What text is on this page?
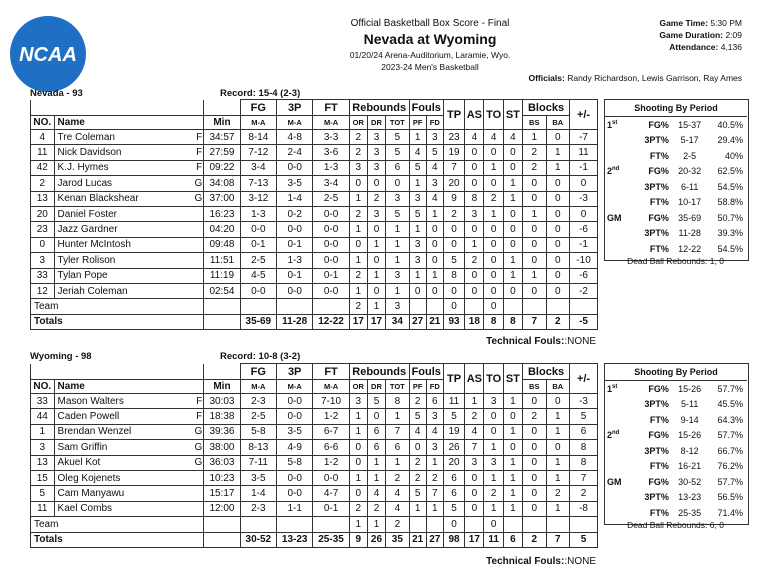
NCAA
Official Basketball Box Score - Final
Nevada at Wyoming
01/20/24 Arena-Auditorium, Laramie, Wyo.
2023-24 Men's Basketball
Game Time: 5:30 PM
Game Duration: 2:09
Attendance: 4,136
Officials: Randy Richardson, Lewis Garrison, Ray Ames
Nevada - 93	Record: 15-4 (2-3)
				FG	3P	FT	Rebounds			Fouls		TP	AS	TO	ST	Blocks		+/-
NO.	Name		Min	M-A	M-A	M-A	OR	DR	TOT	PF	FD					BS	BA	
4	Tre Coleman	F	34:57	8-14	4-8	3-3	2	3	5	1	3	23	4	4	4	1	0	-7
11	Nick Davidson	F	27:59	7-12	2-4	3-6	2	3	5	4	5	19	0	0	0	2	1	11
42	K.J. Hymes	F	09:22	3-4	0-0	1-3	3	3	6	5	4	7	0	1	0	2	1	-1
2	Jarod Lucas	G	34:08	7-13	3-5	3-4	0	0	0	1	3	20	0	0	1	0	0	0
13	Kenan Blackshear	G	37:00	3-12	1-4	2-5	1	2	3	3	4	9	8	2	1	0	0	-3
20	Daniel Foster		16:23	1-3	0-2	0-0	2	3	5	5	1	2	3	1	0	1	0	0
23	Jazz Gardner		04:20	0-0	0-0	0-0	1	0	1	1	0	0	0	0	0	0	0	-6
0	Hunter McIntosh		09:48	0-1	0-1	0-0	0	1	1	3	0	0	1	0	0	0	0	-1
3	Tyler Rolison		11:51	2-5	1-3	0-0	1	0	1	3	0	5	2	0	1	0	0	-10
33	Tylan Pope		11:19	4-5	0-1	0-1	2	1	3	1	1	8	0	0	1	1	0	-6
12	Jeriah Coleman		02:54	0-0	0-0	0-0	1	0	1	0	0	0	0	0	0	0	0	-2
Team							2	1	3			0		0				
Totals				35-69	11-28	12-22	17	17	34	27	21	93	18	8	8	7	2	-5
Technical Fouls::NONE
Shooting By Period			
1st	FG%	15-37	40.5%
	3PT%	5-17	29.4%
	FT%	2-5	40%
2nd	FG%	20-32	62.5%
	3PT%	6-11	54.5%
	FT%	10-17	58.8%
GM	FG%	35-69	50.7%
	3PT%	11-28	39.3%
	FT%	12-22	54.5%
Dead Ball Rebounds: 1, 0
Wyoming - 98	Record: 10-8 (3-2)
				FG	3P	FT	Rebounds			Fouls		TP	AS	TO	ST	Blocks		+/-
NO.	Name		Min	M-A	M-A	M-A	OR	DR	TOT	PF	FD					BS	BA	
33	Mason Walters	F	30:03	2-3	0-0	7-10	3	5	8	2	6	11	1	3	1	0	0	-3
44	Caden Powell	F	18:38	2-5	0-0	1-2	1	0	1	5	3	5	2	0	0	2	1	5
1	Brendan Wenzel	G	39:36	5-8	3-5	6-7	1	6	7	4	4	19	4	0	1	0	1	6
3	Sam Griffin	G	38:00	8-13	4-9	6-6	0	6	6	0	3	26	7	1	0	0	0	8
13	Akuel Kot	G	36:03	7-11	5-8	1-2	0	1	1	2	1	20	3	3	1	0	1	8
15	Oleg Kojenets		10:23	3-5	0-0	0-0	1	1	2	2	2	6	0	1	1	0	1	7
5	Cam Manyawu		15:17	1-4	0-0	4-7	0	4	4	5	7	6	0	2	1	0	2	2
11	Kael Combs		12:00	2-3	1-1	0-1	2	2	4	1	1	5	0	1	1	0	1	-8
Team							1	1	2			0		0				
Totals				30-52	13-23	25-35	9	26	35	21	27	98	17	11	6	2	7	5
Technical Fouls::NONE
Shooting By Period			
1st	FG%	15-26	57.7%
	3PT%	5-11	45.5%
	FT%	9-14	64.3%
2nd	FG%	15-26	57.7%
	3PT%	8-12	66.7%
	FT%	16-21	76.2%
GM	FG%	30-52	57.7%
	3PT%	13-23	56.5%
	FT%	25-35	71.4%
Dead Ball Rebounds: 6, 0
